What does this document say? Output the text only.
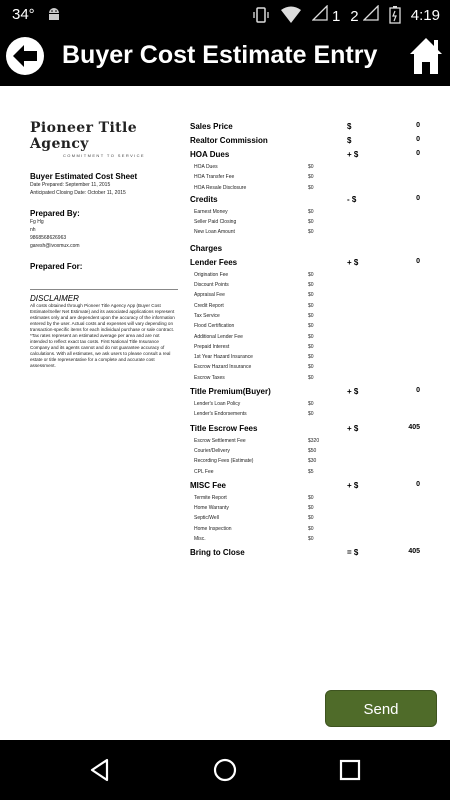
34°	1 2	4:19
Buyer Cost Estimate Entry
Pioneer Title Agency
COMMITMENT TO SERVICE
Buyer Estimated Cost Sheet
Date Prepared: September 11, 2015
Anticipated Closing Date: October 11, 2015
Prepared By:
Fg Hg
nh
9868568626963
garesh@ivoxmux.com
Prepared For:
DISCLAIMER
All costs obtained through Pioneer Title Agency App (Buyer Cost Estimate/Seller Net Estimate) and its associated applications represent estimates only and are dependent upon the accuracy of the information entered by the user. Actual costs and expenses will vary depending on transaction-specific items for each individual purchase or sale contract. *Tax rates represent an estimated average per area and are not intended to reflect exact tax costs. First National Title Insurance Company and its agents cannot and do not guarantee accuracy of calculations. With all estimates, we ask users to please consult a real estate or title representative for a complete and accurate cost assessment.
Sales Price	$	0
Realtor Commission	$	0
HOA Dues	+ $	0
HOA Dues	$0
HOA Transfer Fee	$0
HOA Resale Disclosure	$0
Credits	- $	0
Earnest Money	$0
Seller Paid Closing	$0
New Loan Amount	$0
Charges
Lender Fees	+ $	0
Origination Fee	$0
Discount Points	$0
Appraisal Fee	$0
Credit Report	$0
Tax Service	$0
Flood Certification	$0
Additional Lender Fee	$0
Prepaid Interest	$0
1st Year Hazard Insurance	$0
Escrow Hazard Insurance	$0
Escrow Taxes	$0
Title Premium(Buyer)	+ $	0
Lender's Loan Policy	$0
Lender's Endorsements	$0
Title Escrow Fees	+ $	405
Escrow Settlement Fee	$320
Courier/Delivery	$50
Recording Fees (Estimate)	$30
CPL Fee	$5
MISC Fee	+ $	0
Termite Report	$0
Home Warranty	$0
Septic/Well	$0
Home Inspection	$0
Misc.	$0
Bring to Close	= $	405
Send
